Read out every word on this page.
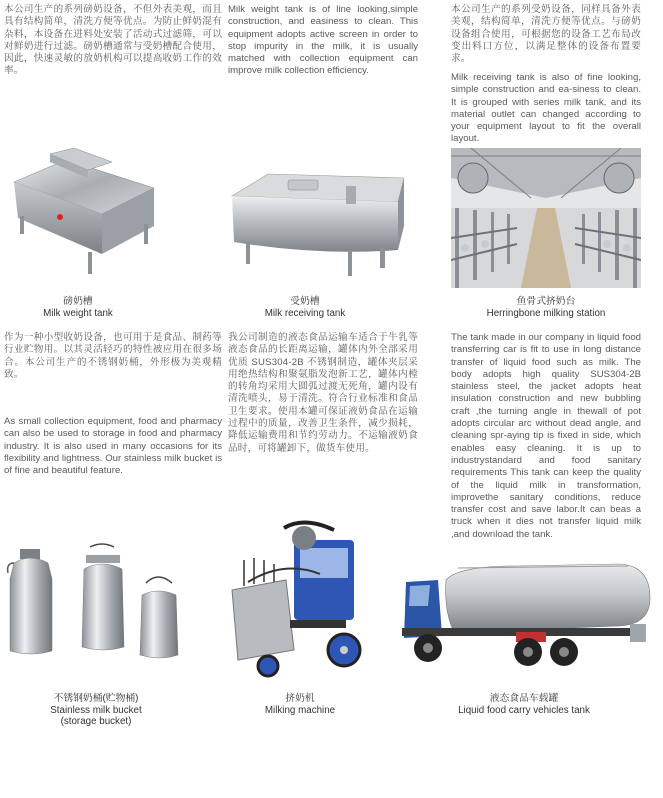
本公司生产的系列磅奶设备，不但外表美观，而且具有结构简单，清洗方便等优点。为防止鲜奶混有杂料，本设备在进料处安装了活动式过滤筛，可以对鲜奶进行过滤。磅奶槽通常与受奶槽配合使用，因此，快速灵敏的放奶机构可以提高收奶工作的效率。

Milk weight tank is of line looking,simple construction, and easiness to clean. This equipment adopts active screen in order to stop impurity in the milk, it is usually matched with collection equipment can improve milk collection efficiency.

本公司生产的系列受奶设备，同样具备外表美观，结构简单，清洗方便等优点。与磅奶设备组合使用，可根据您的设备工艺布局改变出料口方位，以满足整体的设备布置要求。

Milk receiving tank is also of fine looking, simple construction and ea-siness to clean. It is grouped with series milk tank, and its material outlet can changed according to your equipment layout to fit the overall layout.

磅奶槽
Milk weight tank
受奶槽
Milk receiving tank
鱼骨式挤奶台
Herringbone milking station

作为一种小型收奶设备，也可用于是食品、制药等行业贮物用。以其灵活轻巧的特性被应用在很多场合。本公司生产的不锈钢奶桶，外形极为美观精致。

As small collection equipment, food and pharmacy can also be used to storage in food and pharmacy industry. It is also used in many occasions for its flexibility and lightness. Our stainless milk bucket is of fine and beautiful feature.

我公司制造的液态食品运输车适合于牛乳等液态食品的长距离运输，罐体内外全部采用优质 SUS304-2B 不锈钢制造，罐体夹层采用绝热结构和聚氨脂发泡新工艺，罐体内樘的转角均采用大圆弧过渡无死角，罐内设有清洗喷头，易于清洗。符合行业标准和食品卫生要求。使用本罐可保证液奶食品在运输过程中的质量，改善卫生条件，减少损耗，降低运输费用和节约劳动力。不运输液奶食品时，可将罐卸下，做货车使用。

The tank made in our company in liquid food transferring car is fit to use in long distance transfer of liquid food such as milk. The body adopts high quality SUS304-2B stainless steel, the jacket adopts heat insulation construction and new bubbling craft ,the turning angle in thewall of pot adopts circular arc without dead angle, and cleaning spr-aying tip is fixed in side, which enables easy cleaning. It is up to industrystandard and food sanitary requirements This tank can keep the quality of the liquid milk in transformation, improvethe sanitary conditions, reduce transfer cost and save labor.It can beas a truck when it dies not transfer liquid milk ,and download the tank.

不锈钢奶桶(贮物桶)
Stainless milk bucket
(storage bucket)
挤奶机
Milking machine
液态食品车载罐
Liquid food carry vehicles tank
